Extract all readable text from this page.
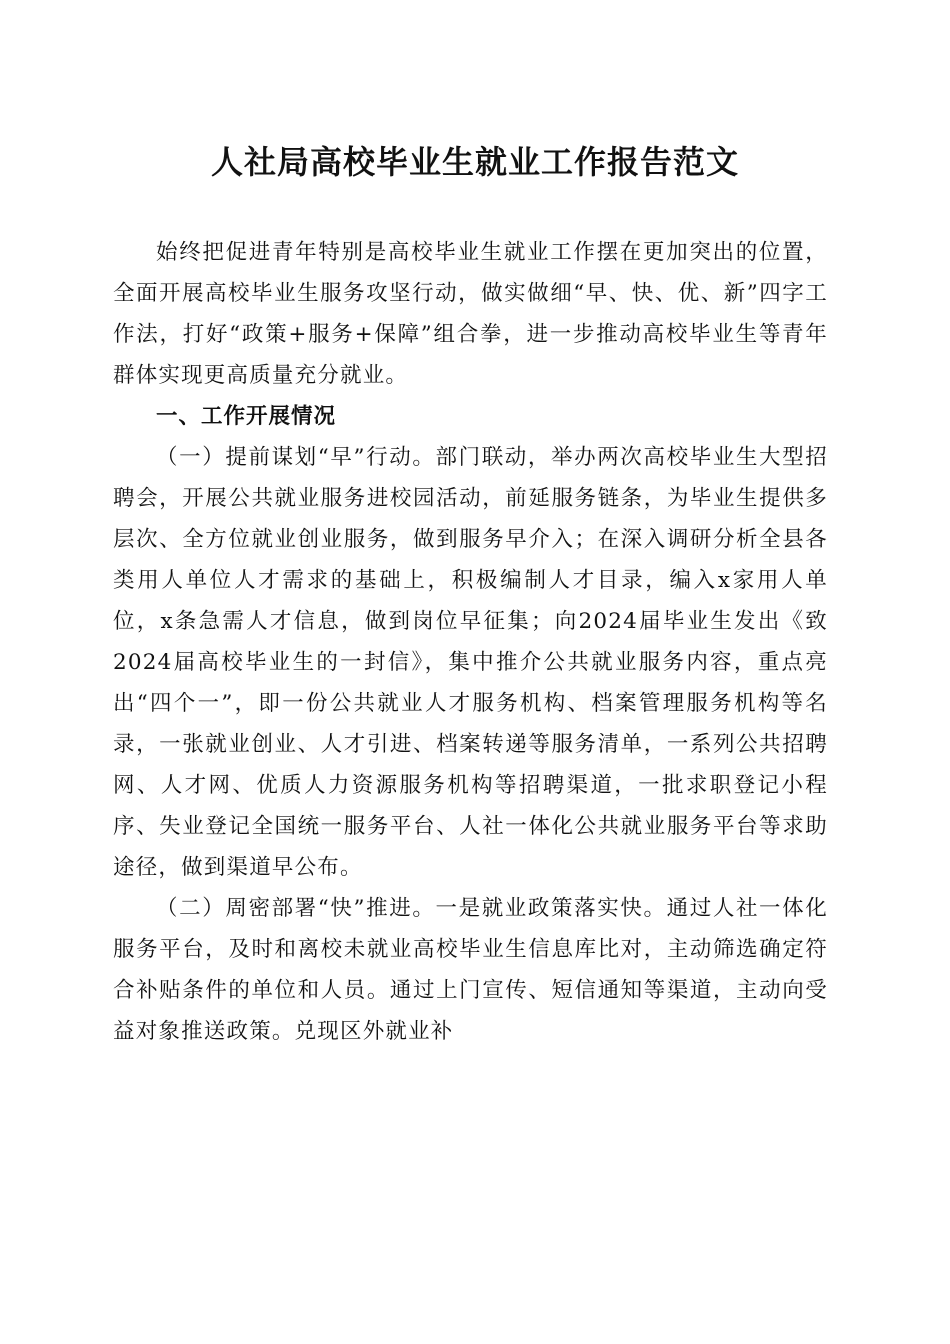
人社局高校毕业生就业工作报告范文

始终把促进青年特别是高校毕业生就业工作摆在更加突出的位置，全面开展高校毕业生服务攻坚行动，做实做细“早、快、优、新”四字工作法，打好“政策+服务+保障”组合拳，进一步推动高校毕业生等青年群体实现更高质量充分就业。

一、工作开展情况

（一）提前谋划“早”行动。部门联动，举办两次高校毕业生大型招聘会，开展公共就业服务进校园活动，前延服务链条，为毕业生提供多层次、全方位就业创业服务，做到服务早介入；在深入调研分析全县各类用人单位人才需求的基础上，积极编制人才目录，编入x家用人单位，x条急需人才信息，做到岗位早征集；向2024届毕业生发出《致2024届高校毕业生的一封信》，集中推介公共就业服务内容，重点亮出“四个一”，即一份公共就业人才服务机构、档案管理服务机构等名录，一张就业创业、人才引进、档案转递等服务清单，一系列公共招聘网、人才网、优质人力资源服务机构等招聘渠道，一批求职登记小程序、失业登记全国统一服务平台、人社一体化公共就业服务平台等求助途径，做到渠道早公布。

（二）周密部署“快”推进。一是就业政策落实快。通过人社一体化服务平台，及时和离校未就业高校毕业生信息库比对，主动筛选确定符合补贴条件的单位和人员。通过上门宣传、短信通知等渠道，主动向受益对象推送政策。兑现区外就业补
